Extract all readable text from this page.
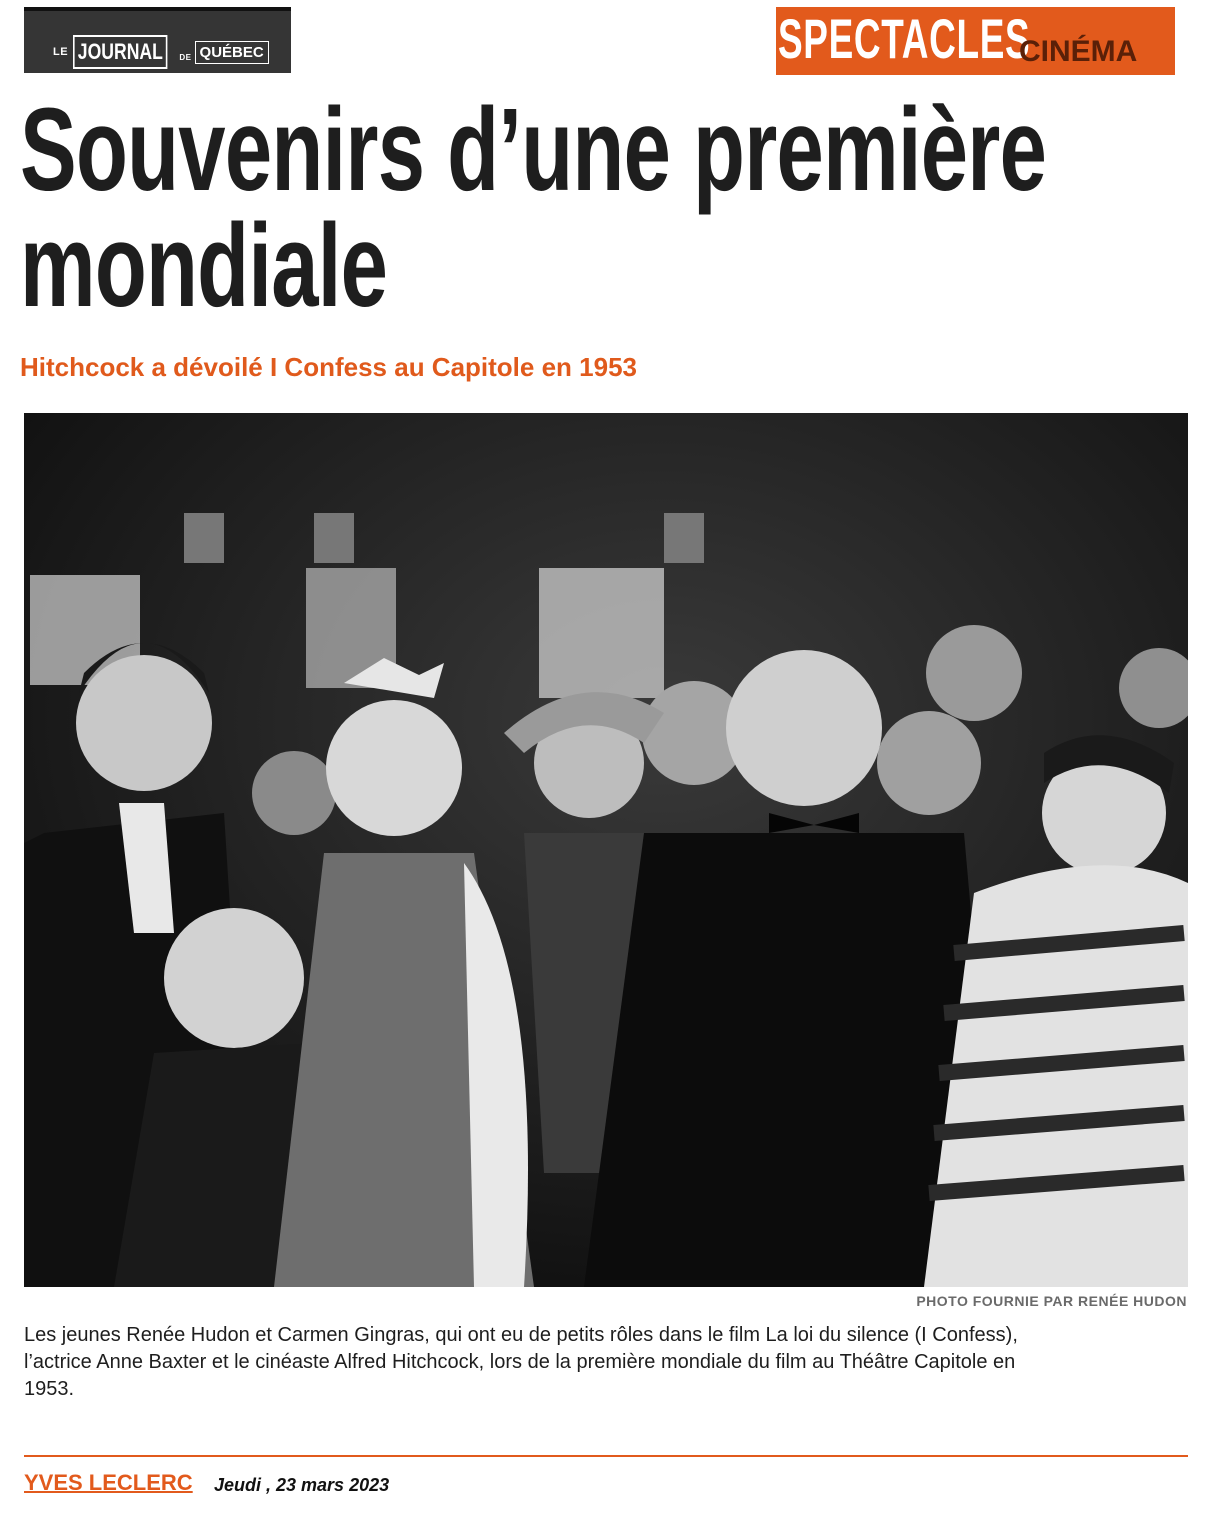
LE JOURNAL	DE QUÉBEC	SPECTACLES
CINÉMA
Souvenirs d’une première
mondiale
Hitchcock a dévoilé I Confess au Capitole en 1953
PHOTO FOURNIE PAR RENÉE HUDON

Les jeunes Renée Hudon et Carmen Gingras, qui ont eu de petits rôles dans le film La loi du silence (I Confess),
l’actrice Anne Baxter et le cinéaste Alfred Hitchcock, lors de la première mondiale du film au Théâtre Capitole en
1953.

YVES LECLERC Jeudi , 23 mars 2023
